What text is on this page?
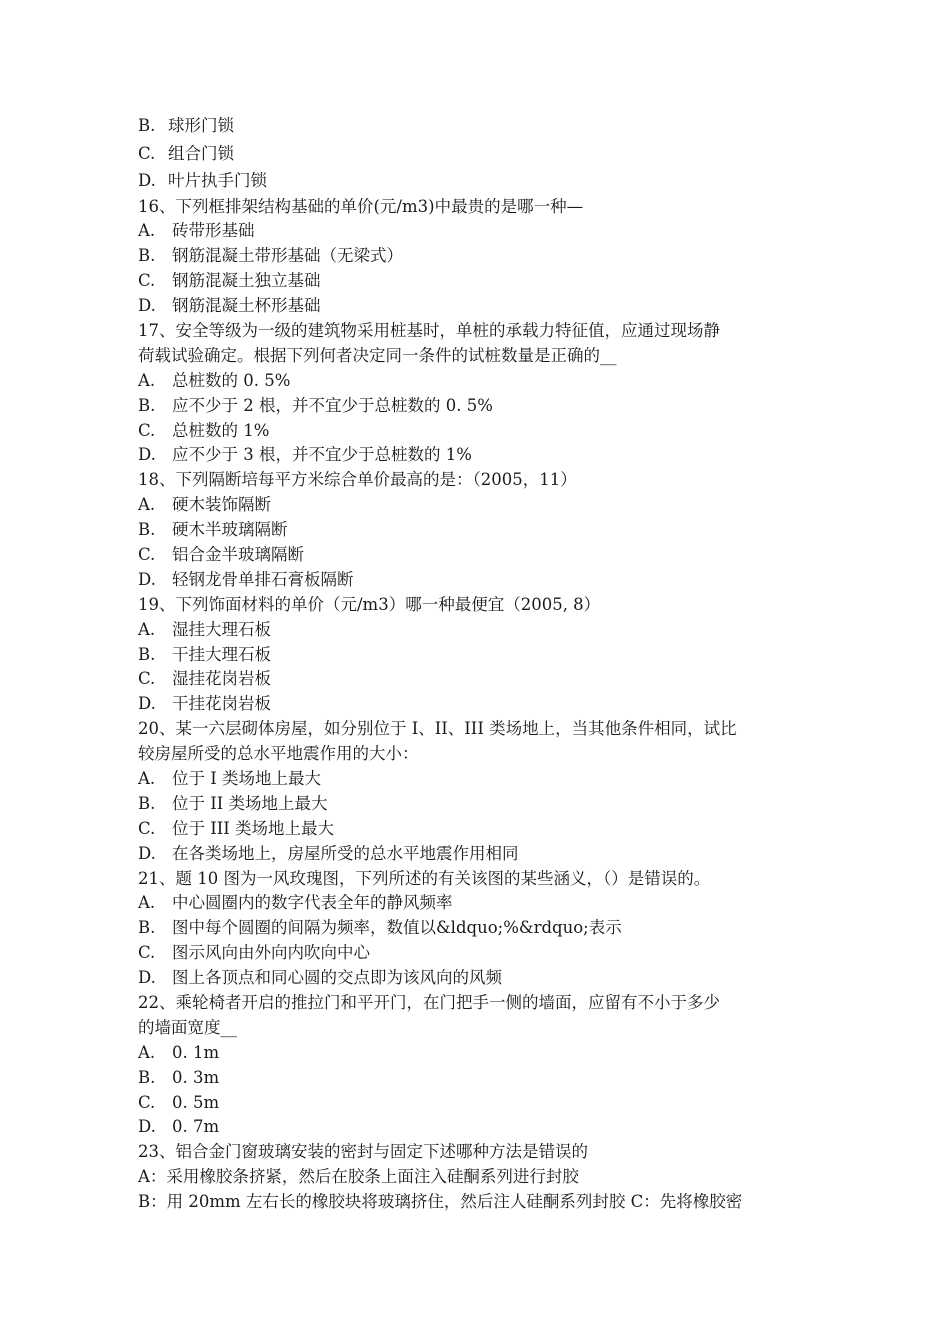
B. 球形门锁
C. 组合门锁
D. 叶片执手门锁
16、下列框排架结构基础的单价(元/m3)中最贵的是哪一种—
A. 砖带形基础
B. 钢筋混凝土带形基础（无梁式）
C. 钢筋混凝土独立基础
D. 钢筋混凝土杯形基础
17、安全等级为一级的建筑物采用桩基时，单桩的承载力特征值，应通过现场静
荷载试验确定。根据下列何者决定同一条件的试桩数量是正确的__
A. 总桩数的 0. 5%
B. 应不少于 2 根，并不宜少于总桩数的 0. 5%
C. 总桩数的 1%
D. 应不少于 3 根，并不宜少于总桩数的 1%
18、下列隔断培每平方米综合单价最高的是：（2005，11）
A. 硬木装饰隔断
B. 硬木半玻璃隔断
C. 铝合金半玻璃隔断
D. 轻钢龙骨单排石膏板隔断
19、下列饰面材料的单价（元/m3）哪一种最便宜（2005, 8）
A. 湿挂大理石板
B. 干挂大理石板
C. 湿挂花岗岩板
D. 干挂花岗岩板
20、某一六层砌体房屋，如分别位于 I、II、III 类场地上，当其他条件相同，试比
较房屋所受的总水平地震作用的大小：
A. 位于 I 类场地上最大
B. 位于 II 类场地上最大
C. 位于 III 类场地上最大
D. 在各类场地上，房屋所受的总水平地震作用相同
21、题 10 图为一风玫瑰图，下列所述的有关该图的某些涵义，（）是错误的。
A. 中心圆圈内的数字代表全年的静风频率
B. 图中每个圆圈的间隔为频率，数值以&ldquo;%&rdquo;表示
C. 图示风向由外向内吹向中心
D. 图上各顶点和同心圆的交点即为该风向的风频
22、乘轮椅者开启的推拉门和平开门，在门把手一侧的墙面，应留有不小于多少
的墙面宽度__
A. 0. 1m
B. 0. 3m
C. 0. 5m
D. 0. 7m
23、铝合金门窗玻璃安装的密封与固定下述哪种方法是错误的
A：采用橡胶条挤紧，然后在胶条上面注入硅酮系列进行封胶
B：用 20mm 左右长的橡胶块将玻璃挤住，然后注人硅酮系列封胶 C：先将橡胶密
